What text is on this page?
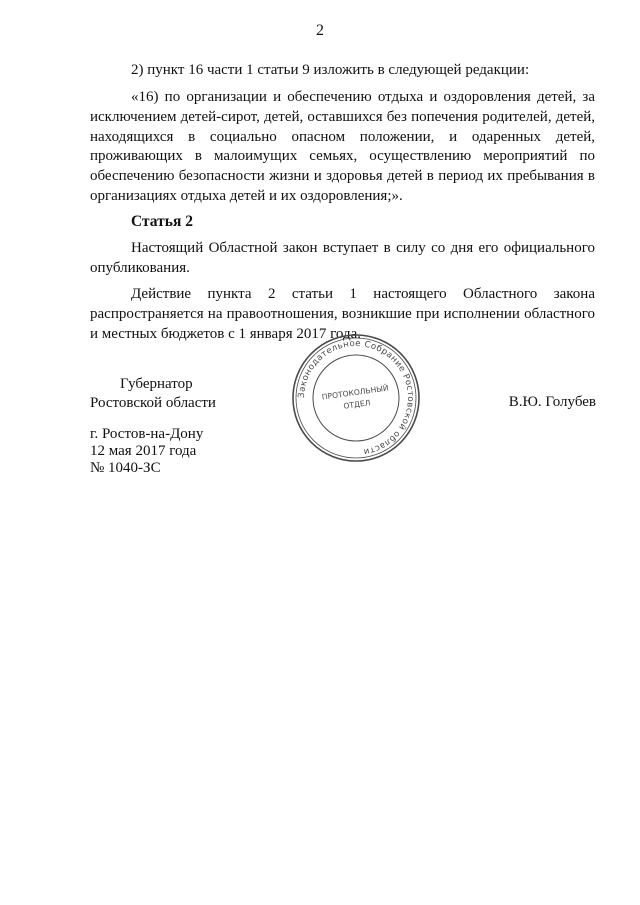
2

2) пункт 16 части 1 статьи 9 изложить в следующей редакции:

«16) по организации и обеспечению отдыха и оздоровления детей, за исключением детей-сирот, детей, оставшихся без попечения родителей, детей, находящихся в социально опасном положении, и одаренных детей, проживающих в малоимущих семьях, осуществлению мероприятий по обеспечению безопасности жизни и здоровья детей в период их пребывания в организациях отдыха детей и их оздоровления;».

Статья 2

Настоящий Областной закон вступает в силу со дня его официального опубликования.

Действие пункта 2 статьи 1 настоящего Областного закона распространяется на правоотношения, возникшие при исполнении областного и местных бюджетов с 1 января 2017 года.

Губернатор
Ростовской области
Законодательное Собрание Ростовской области
ПРОТОКОЛЬНЫЙ
ОТДЕЛ	В.Ю. Голубев
г. Ростов-на-Дону
12 мая 2017 года
№ 1040-ЗС
